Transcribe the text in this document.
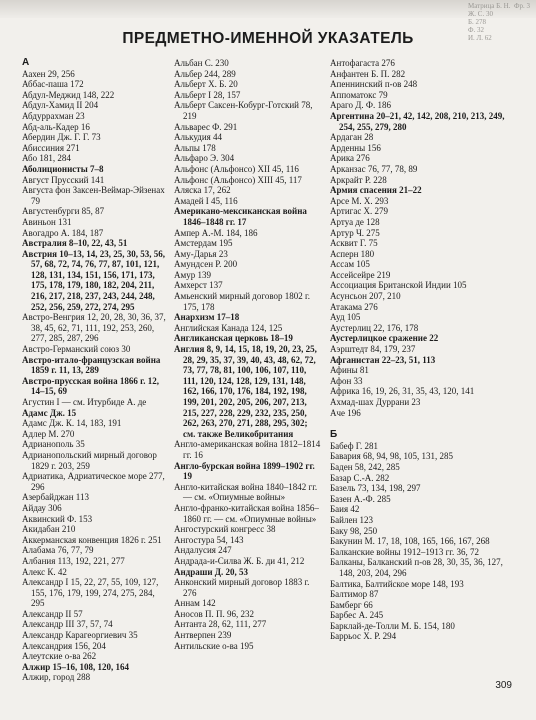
Матрица Б. Н.  Фр. 3
Ж. С. 30
Б. 278
Ф. 32
И. Л. 62
ПРЕДМЕТНО-ИМЕННОЙ УКАЗАТЕЛЬ
А
Аахен 29, 256
Аббас-паша 172
Абдул-Меджид 148, 222
Абдул-Хамид II 204
Абдуррахман 23
Абд-аль-Кадер 16
Абердин Дж. Г. Г. 73
Абиссиния 271
Або 181, 284
Аболиционисты 7–8
Август Прусский 141
Августа фон Заксен-Веймар-Эйзенах 79
Августенбурги 85, 87
Авиньон 131
Авогадро А. 184, 187
Австралия 8–10, 22, 43, 51
Австрия 10–13, 14, 23, 25, 30, 53, 56, 57, 68, 72, 74, 76, 77, 87, 101, 121, 128, 131, 134, 151, 156, 171, 173, 175, 178, 179, 180, 182, 204, 211, 216, 217, 218, 237, 243, 244, 248, 252, 256, 259, 272, 274, 295
Австро-Венгрия 12, 20, 28, 30, 36, 37, 38, 45, 62, 71, 111, 192, 253, 260, 277, 285, 287, 296
Австро-Германский союз 30
Австро-итало-французская война 1859 г. 11, 13, 289
Австро-прусская война 1866 г. 12, 14–15, 69
Агустин I — см. Итурбиде А. де
Адамс Дж. 15
Адамс Дж. К. 14, 183, 191
Адлер М. 270
Адрианополь 35
Адрианопольский мирный договор 1829 г. 203, 259
Адриатика, Адриатическое море 277, 296
Азербайджан 113
Айдау 306
Аквинский Ф. 153
Акидабан 210
Аккерманская конвенция 1826 г. 251
Алабама 76, 77, 79
Албания 113, 192, 221, 277
Алекс К. 42
Александр I 15, 22, 27, 55, 109, 127, 155, 176, 179, 199, 274, 275, 284, 295
Александр II 57
Александр III 37, 57, 74
Александр Карагеоргиевич 35
Александрия 156, 204
Алеутские о-ва 262
Алжир 15–16, 108, 120, 164
Алжир, город 288
Альбан С. 230
Альбер 244, 289
Альберт Х. Б. 20
Альберт I 28, 157
Альберт Саксен-Кобург-Готский 78, 219
Альварес Ф. 291
Алькудия 44
Альпы 178
Альфаро Э. 304
Альфонс (Альфонсо) XII 45, 116
Альфонс (Альфонсо) XIII 45, 117
Аляска 17, 262
Амадей I 45, 116
Американо-мексиканская война 1846–1848 гг. 17
Ампер А.-М. 184, 186
Амстердам 195
Аму-Дарья 23
Амундсен Р. 200
Амур 139
Амхерст 137
Амьенский мирный договор 1802 г. 175, 178
Анархизм 17–18
Английская Канада 124, 125
Англиканская церковь 18–19
Англия 8, 9, 14, 15, 18, 19, 20, 23, 25, 28, 29, 35, 37, 39, 40, 43, 48, 62, 72, 73, 77, 78, 81, 100, 106, 107, 110, 111, 120, 124, 128, 129, 131, 148, 162, 166, 170, 176, 184, 192, 198, 199, 201, 202, 205, 206, 207, 213, 215, 227, 228, 229, 232, 235, 250, 262, 263, 270, 271, 288, 295, 302; см. также Великобритания
Англо-американская война 1812–1814 гг. 16
Англо-бурская война 1899–1902 гг. 19
Англо-китайская война 1840–1842 гг. — см. «Опиумные войны»
Англо-франко-китайская война 1856–1860 гг. — см. «Опиумные войны»
Ангостурский конгресс 38
Ангостура 54, 143
Андалусия 247
Андрада-и-Силва Ж. Б. ди 41, 212
Андраши Д. 20, 53
Анконский мирный договор 1883 г. 276
Аннам 142
Аносов П. П. 96, 232
Антанта 28, 62, 111, 277
Антверпен 239
Антильские о-ва 195
Антофагаста 276
Анфантен Б. П. 282
Апеннинский п-ов 248
Аппоматокс 79
Араго Д. Ф. 186
Аргентина 20–21, 42, 142, 208, 210, 213, 249, 254, 255, 279, 280
Ардаган 28
Арденны 156
Арика 276
Арканзас 76, 77, 78, 89
Аркрайт Р. 228
Армия спасения 21–22
Арсе М. Х. 293
Артигас Х. 279
Артуа де 128
Артур Ч. 275
Асквит Г. 75
Асперн 180
Ассам 105
Ассейсейре 219
Ассоциация Британской Индии 105
Асунсьон 207, 210
Атакама 276
Ауд 105
Аустерлиц 22, 176, 178
Аустерлицкое сражение 22
Аэрштедт 84, 179, 237
Афганистан 22–23, 51, 113
Афины 81
Афон 33
Африка 16, 19, 26, 31, 35, 43, 120, 141
Ахмад-шах Дуррани 23
Аче 196
Б
Бабеф Г. 281
Бавария 68, 94, 98, 105, 131, 285
Баден 58, 242, 285
Базар С.-А. 282
Базель 73, 134, 198, 297
Базен А.-Ф. 285
Баия 42
Байлен 123
Баку 98, 250
Бакунин М. 17, 18, 108, 165, 166, 167, 268
Балканские войны 1912–1913 гг. 36, 72
Балканы, Балканский п-ов 28, 30, 35, 36, 127, 148, 203, 204, 296
Балтика, Балтийское море 148, 193
Балтимор 87
Бамберг 66
Барбес А. 245
Барклай-де-Толли М. Б. 154, 180
Баррьос Х. Р. 294
309
